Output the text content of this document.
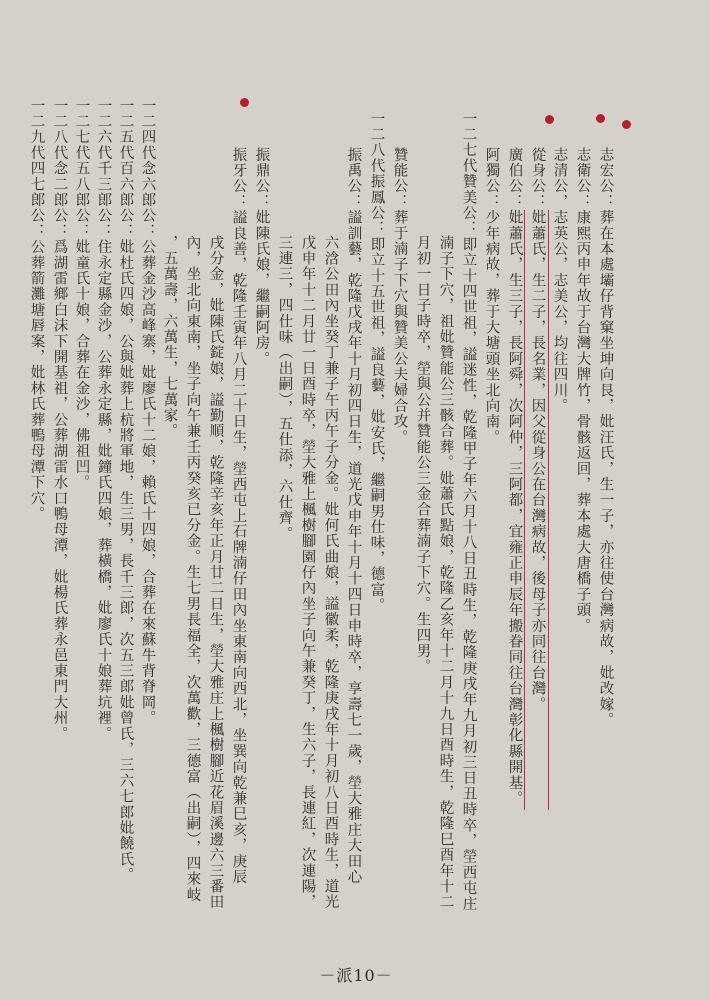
志宏公：葬在本處壩仔背窠坐坤向艮，妣汪氏，生一子，亦往使台灣病故，妣改嫁。
志衛公：康熙丙申年故于台灣大牌竹，骨骸返回，葬本處大唐橋子頭。
志清公，志英公，志美公，均往四川。
從身公：妣蕭氏，生二子，長名業，因父從身公在台灣病故，後母子亦同往台灣。
廣伯公：妣蕭氏，生三子，長阿舜，次阿仲，三阿都，宜雍正申辰年搬眷同往台灣彰化縣開基。
阿獨公：少年病故，葬于大塘頭坐北向南。
一二七代贊美公：即立十四世祖，謚迷性，乾隆甲子年六月十八日丑時生，乾隆庚戌年九月初三日丑時卒，塋西屯庄
湳子下穴，祖妣贊能公三骸合葬。妣蕭氏點娘，乾隆乙亥年十二月十九日酉時生，乾隆巳酉年十二
月初一日子時卒，塋與公并贊能公三金合葬湳子下穴。生四男。
贊能公：葬于湳子下穴與贊美公夫婦合攻。
一二八代振鳳公：即立十五世祖，謚良藝，妣安氏，繼嗣男仕味，德富。
振禹公：謚訓藝，乾隆戊戌年十月初四日生，道光戊申年十月十四日申時卒，享壽七一歲，塋大雅庄大田心
六浛公田內坐癸丁兼子午丙午子分金。妣何氏曲娘，謚徽柔，乾隆庚戌年十月初八日酉時生，道光
戊申年十二月廿一日酉時卒，塋大雅上楓樹腳園仔內坐子向午兼癸丁，生六子，長連紅，次連陽，
三連三，四仕味（出嗣），五仕添，六仕齊。
振鼎公：妣陳氏娘，繼嗣阿房。
振牙公：謚良善，乾隆壬寅年八月二十日生，塋西屯上石牌湳仔田內坐東南向西北，坐巽向乾兼巳亥，庚辰
戌分金，妣陳氏錠娘，謚勤順，乾隆辛亥年正月廿二日生，塋大雅庄上楓樹腳近花眉溪邊六三番田
內，坐北向東南，坐子向午兼壬丙癸亥已分金。生七男長福全，次萬歡，三德富（出嗣），四來岐
，五萬壽，六萬生，七萬家。
一二四代念六郎公：公葬金沙高峰寨，妣廖氏十二娘，賴氏十四娘，合葬在來蘇牛背脊岡。
一二五代百六郎公：妣杜氏四娘，公與妣葬上杭將軍地，生三男，長千三郎，次五三郎妣曾氏，三六七郎妣饒氏。
一二六代千三郎公：住永定縣金沙，公葬永定縣，妣鐘氏四娘，葬橫橋，妣廖氏十娘葬坑裡。
一二七代五八郎公：妣童氏十娘，合葬在金沙，佛祖凹。
一二八代念二郎公：爲湖雷鄉白沫下開基祖，公葬湖雷水口鴨母潭，妣楊氏葬永邑東門大州。
一二九代四七郎公：公葬箭灘塘唇案，妣林氏葬鴨母潭下穴。
－派10－
